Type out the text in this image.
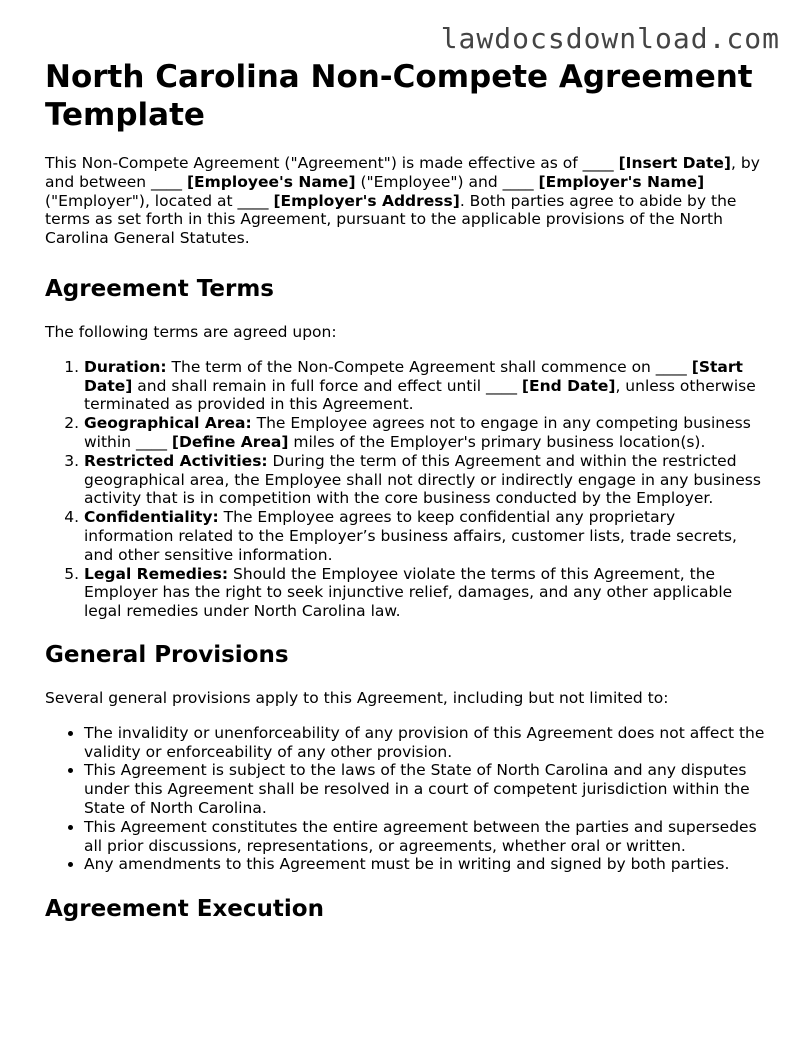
lawdocsdownload.com
North Carolina Non-Compete Agreement Template

This Non-Compete Agreement ("Agreement") is made effective as of ____ [Insert Date], by and between ____ [Employee's Name] ("Employee") and ____ [Employer's Name] ("Employer"), located at ____ [Employer's Address]. Both parties agree to abide by the terms as set forth in this Agreement, pursuant to the applicable provisions of the North Carolina General Statutes.

Agreement Terms

The following terms are agreed upon:

1. Duration: The term of the Non-Compete Agreement shall commence on ____ [Start Date] and shall remain in full force and effect until ____ [End Date], unless otherwise terminated as provided in this Agreement.
2. Geographical Area: The Employee agrees not to engage in any competing business within ____ [Define Area] miles of the Employer's primary business location(s).
3. Restricted Activities: During the term of this Agreement and within the restricted geographical area, the Employee shall not directly or indirectly engage in any business activity that is in competition with the core business conducted by the Employer.
4. Confidentiality: The Employee agrees to keep confidential any proprietary information related to the Employer’s business affairs, customer lists, trade secrets, and other sensitive information.
5. Legal Remedies: Should the Employee violate the terms of this Agreement, the Employer has the right to seek injunctive relief, damages, and any other applicable legal remedies under North Carolina law.
General Provisions

Several general provisions apply to this Agreement, including but not limited to:

• The invalidity or unenforceability of any provision of this Agreement does not affect the validity or enforceability of any other provision.
• This Agreement is subject to the laws of the State of North Carolina and any disputes under this Agreement shall be resolved in a court of competent jurisdiction within the State of North Carolina.
• This Agreement constitutes the entire agreement between the parties and supersedes all prior discussions, representations, or agreements, whether oral or written.
• Any amendments to this Agreement must be in writing and signed by both parties.
Agreement Execution
